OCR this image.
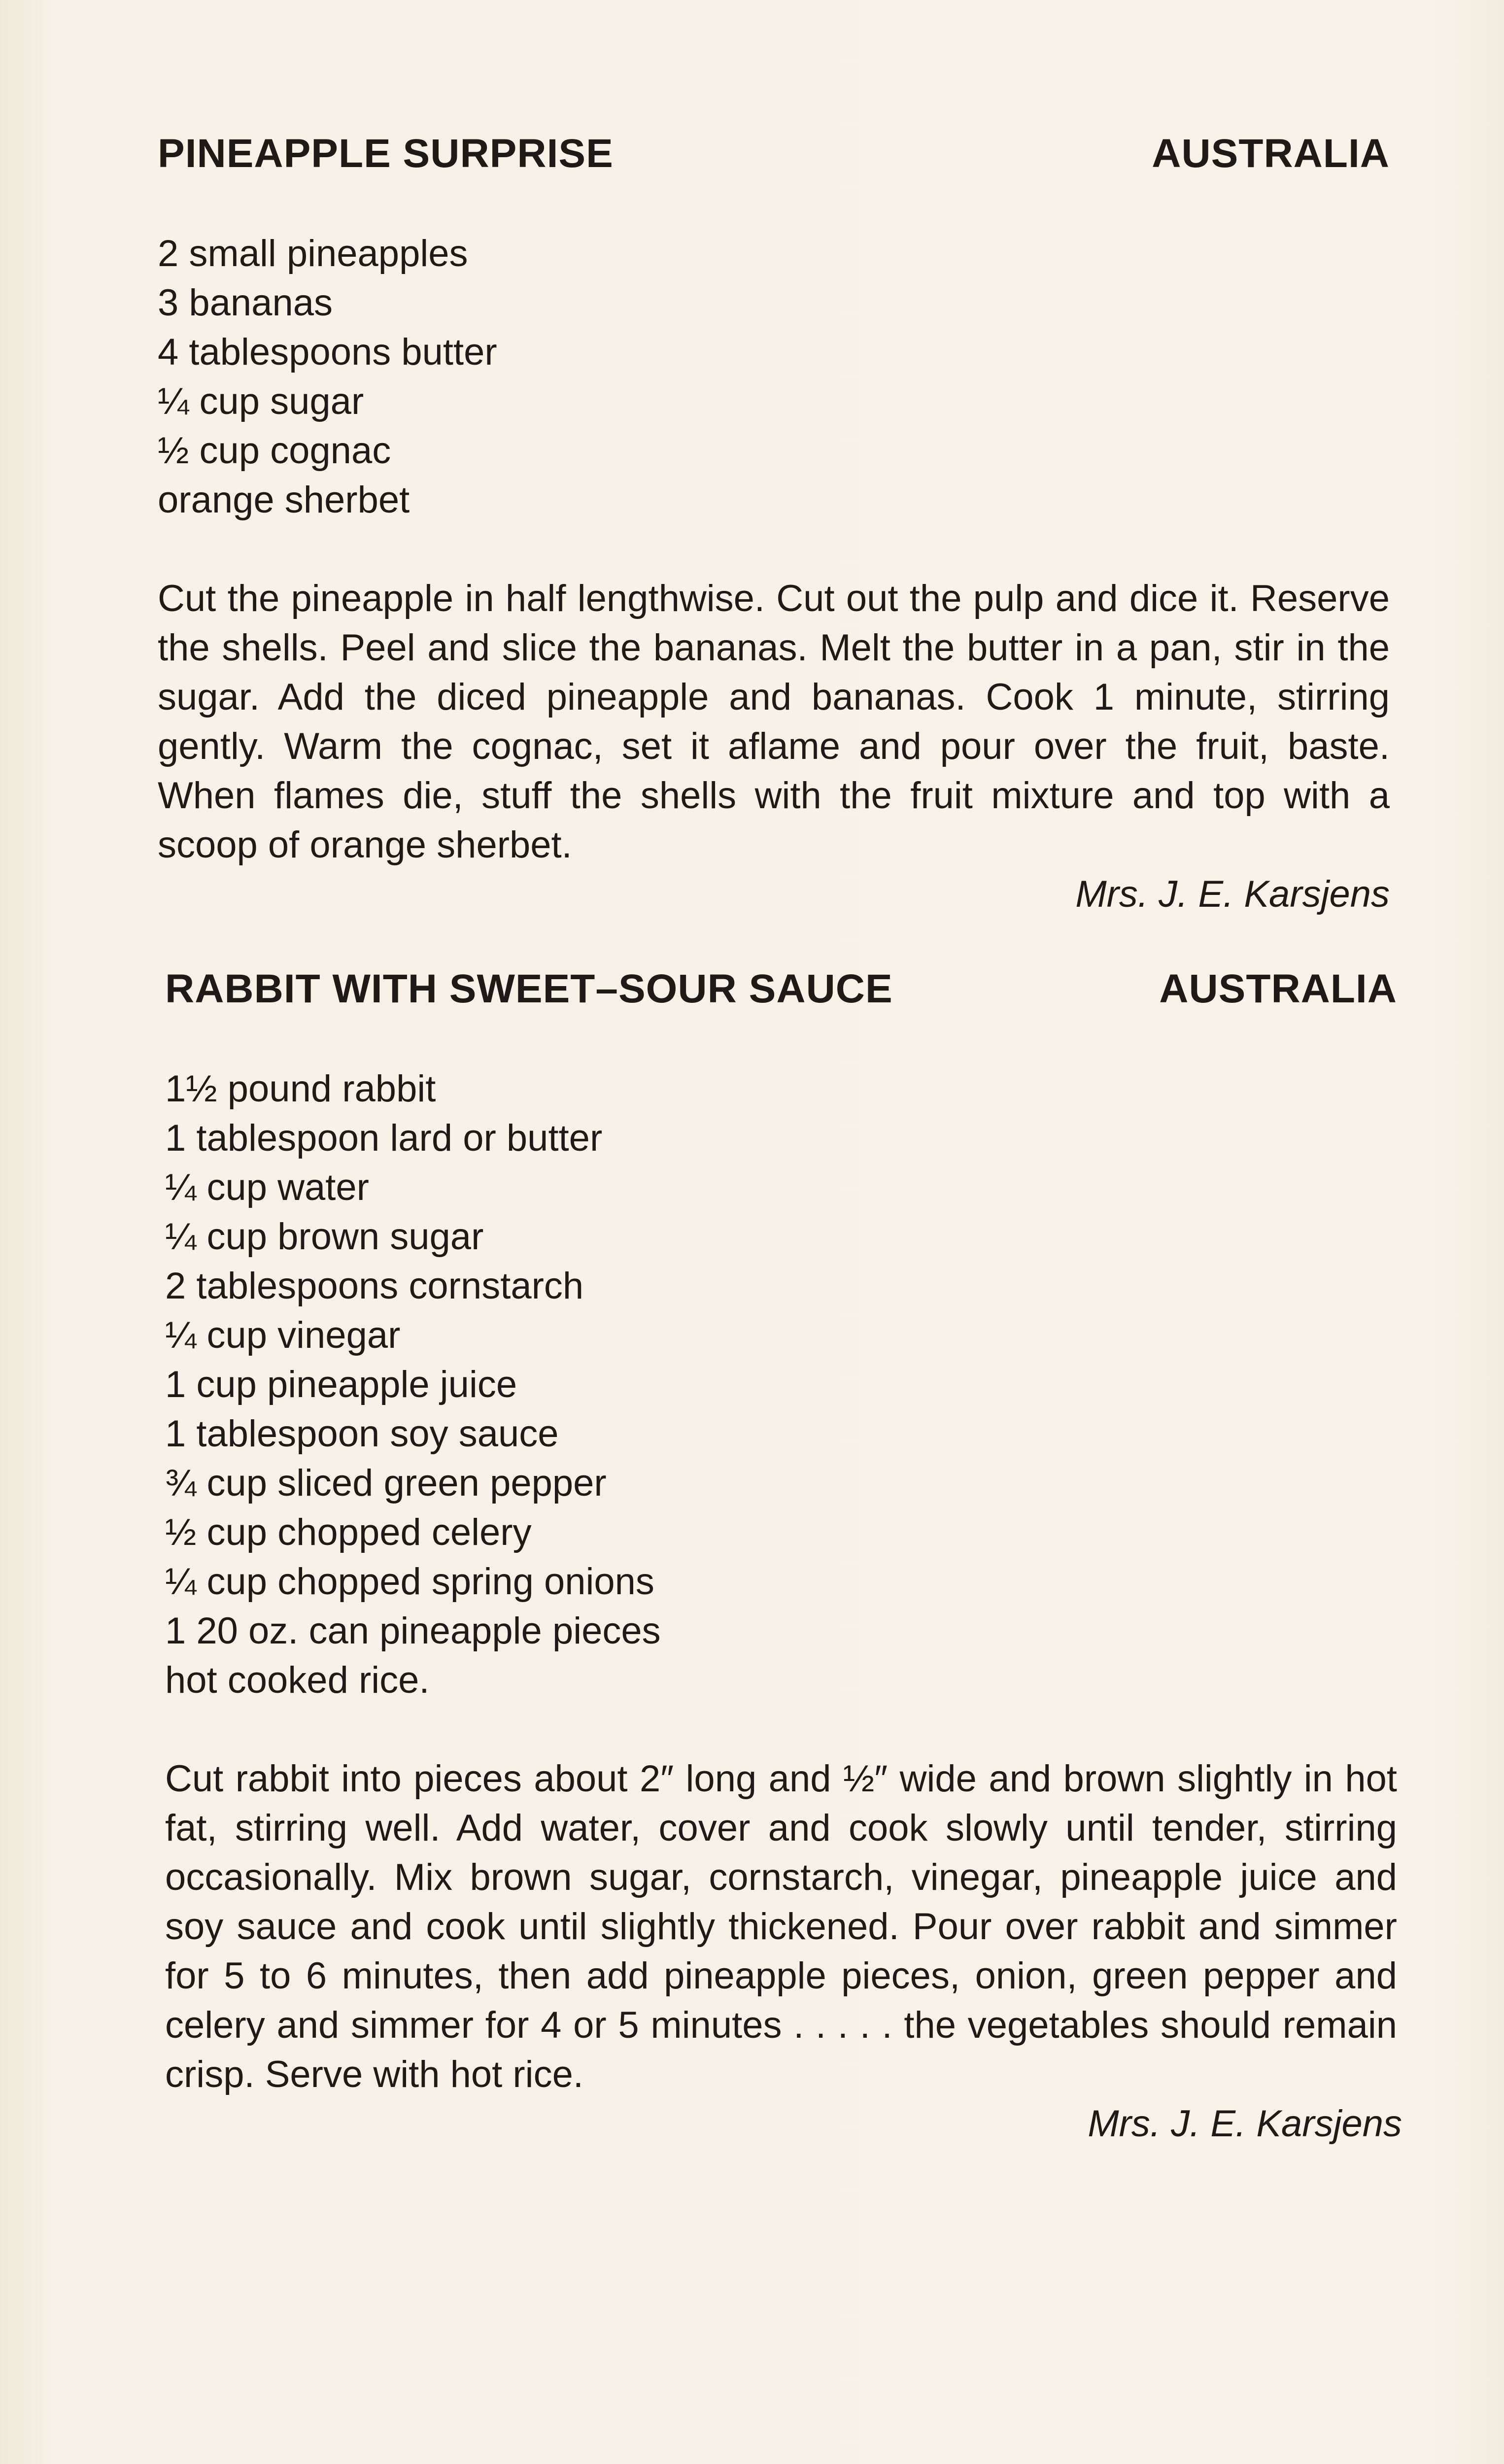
PINEAPPLE SURPRISE	AUSTRALIA
2 small pineapples
3 bananas
4 tablespoons butter
¼ cup sugar
½ cup cognac
orange sherbet

Cut the pineapple in half lengthwise. Cut out the pulp and dice it. Reserve the shells. Peel and slice the bananas. Melt the butter in a pan, stir in the sugar. Add the diced pineapple and bananas. Cook 1 minute, stirring gently. Warm the cognac, set it aflame and pour over the fruit, baste. When flames die, stuff the shells with the fruit mixture and top with a scoop of orange sherbet.

Mrs. J. E. Karsjens
RABBIT WITH SWEET–SOUR SAUCE	AUSTRALIA
1½ pound rabbit
1 tablespoon lard or butter
¼ cup water
¼ cup brown sugar
2 tablespoons cornstarch
¼ cup vinegar
1 cup pineapple juice
1 tablespoon soy sauce
¾ cup sliced green pepper
½ cup chopped celery
¼ cup chopped spring onions
1 20 oz. can pineapple pieces
hot cooked rice.

Cut rabbit into pieces about 2″ long and ½″ wide and brown slightly in hot fat, stirring well. Add water, cover and cook slowly until tender, stirring occasionally. Mix brown sugar, cornstarch, vinegar, pineapple juice and soy sauce and cook until slightly thickened. Pour over rabbit and simmer for 5 to 6 minutes, then add pineapple pieces, onion, green pepper and celery and simmer for 4 or 5 minutes . . . . . the vegetables should remain crisp. Serve with hot rice.

Mrs. J. E. Karsjens
